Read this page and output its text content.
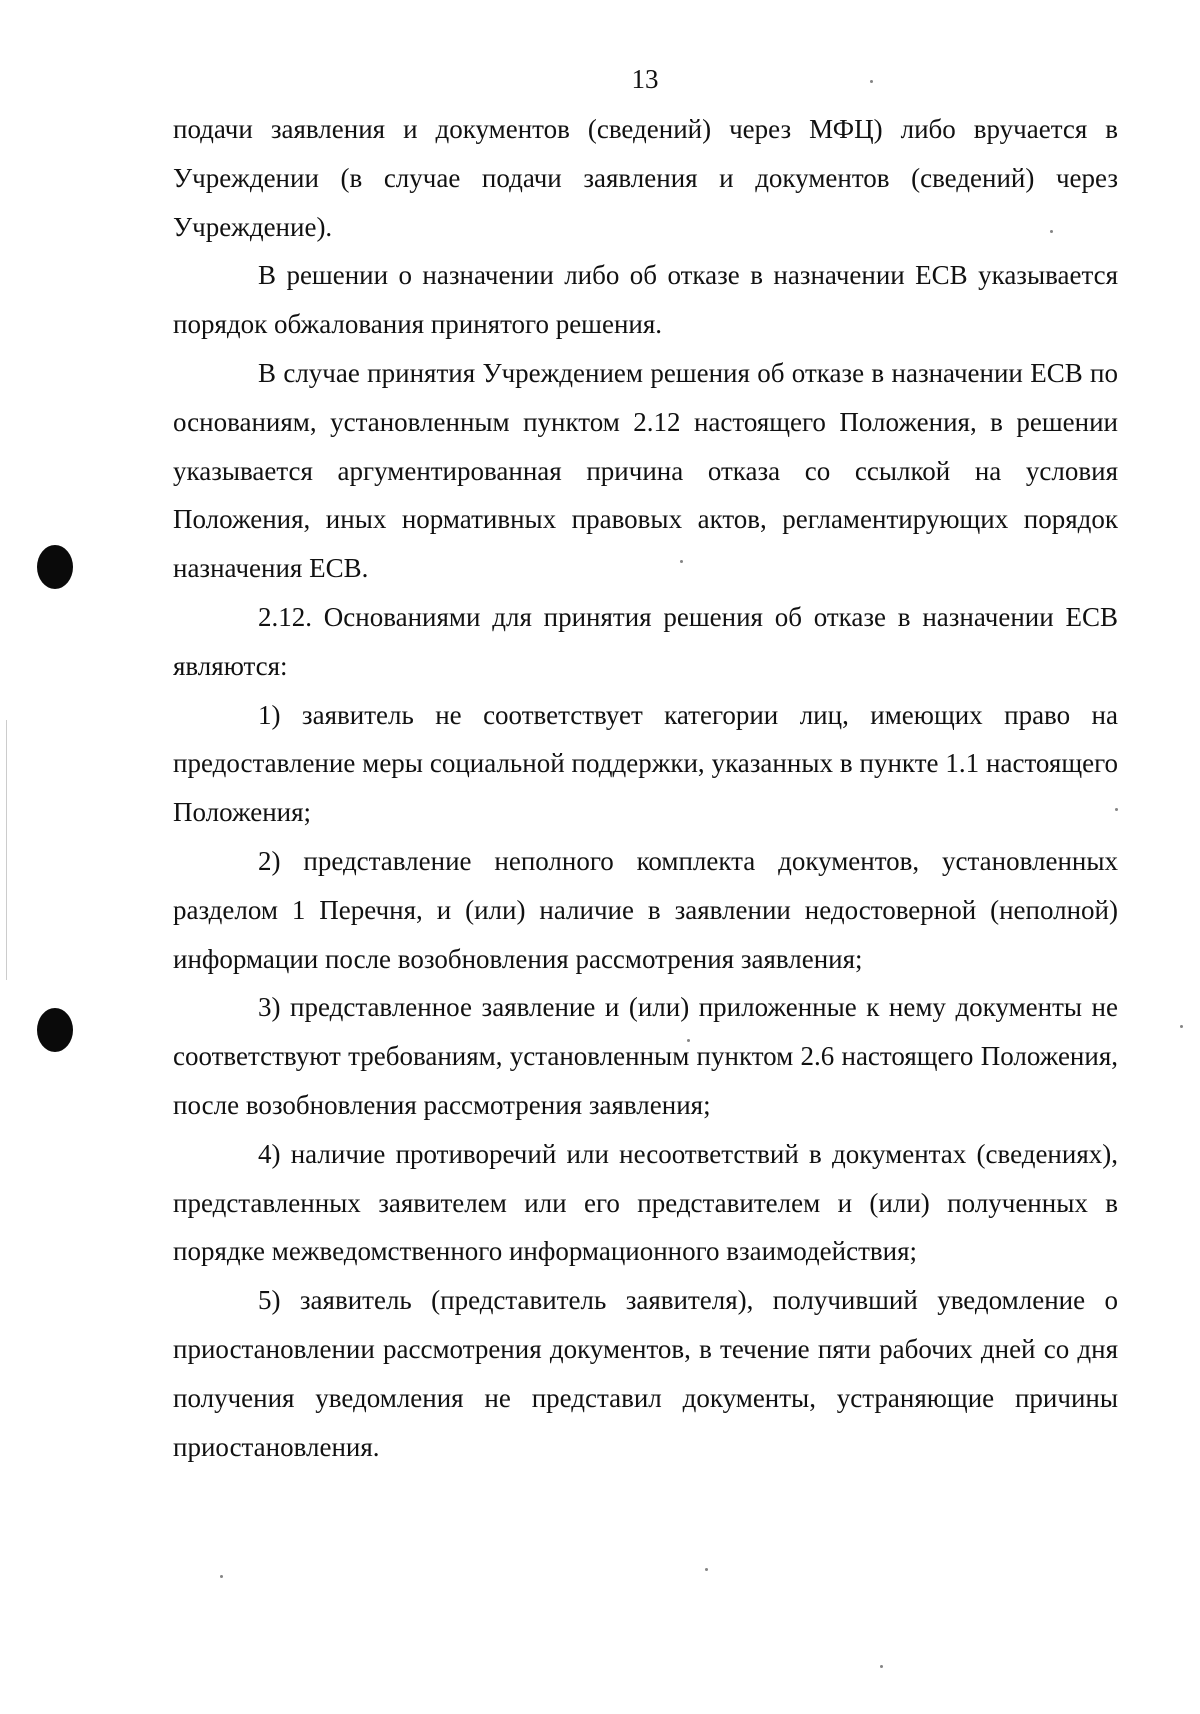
13

подачи заявления и документов (сведений) через МФЦ) либо вручается в Учреждении (в случае подачи заявления и документов (сведений) через Учреждение).

В решении о назначении либо об отказе в назначении ЕСВ указывается порядок обжалования принятого решения.

В случае принятия Учреждением решения об отказе в назначении ЕСВ по основаниям, установленным пунктом 2.12 настоящего Положения, в решении указывается аргументированная причина отказа со ссылкой на условия Положения, иных нормативных правовых актов, регламентирующих порядок назначения ЕСВ.

2.12. Основаниями для принятия решения об отказе в назначении ЕСВ являются:

1) заявитель не соответствует категории лиц, имеющих право на предоставление меры социальной поддержки, указанных в пункте 1.1 настоящего Положения;

2) представление неполного комплекта документов, установленных разделом 1 Перечня, и (или) наличие в заявлении недостоверной (неполной) информации после возобновления рассмотрения заявления;

3) представленное заявление и (или) приложенные к нему документы не соответствуют требованиям, установленным пунктом 2.6 настоящего Положения, после возобновления рассмотрения заявления;

4) наличие противоречий или несоответствий в документах (сведениях), представленных заявителем или его представителем и (или) полученных в порядке межведомственного информационного взаимодействия;

5) заявитель (представитель заявителя), получивший уведомление о приостановлении рассмотрения документов, в течение пяти рабочих дней со дня получения уведомления не представил документы, устраняющие причины приостановления.
